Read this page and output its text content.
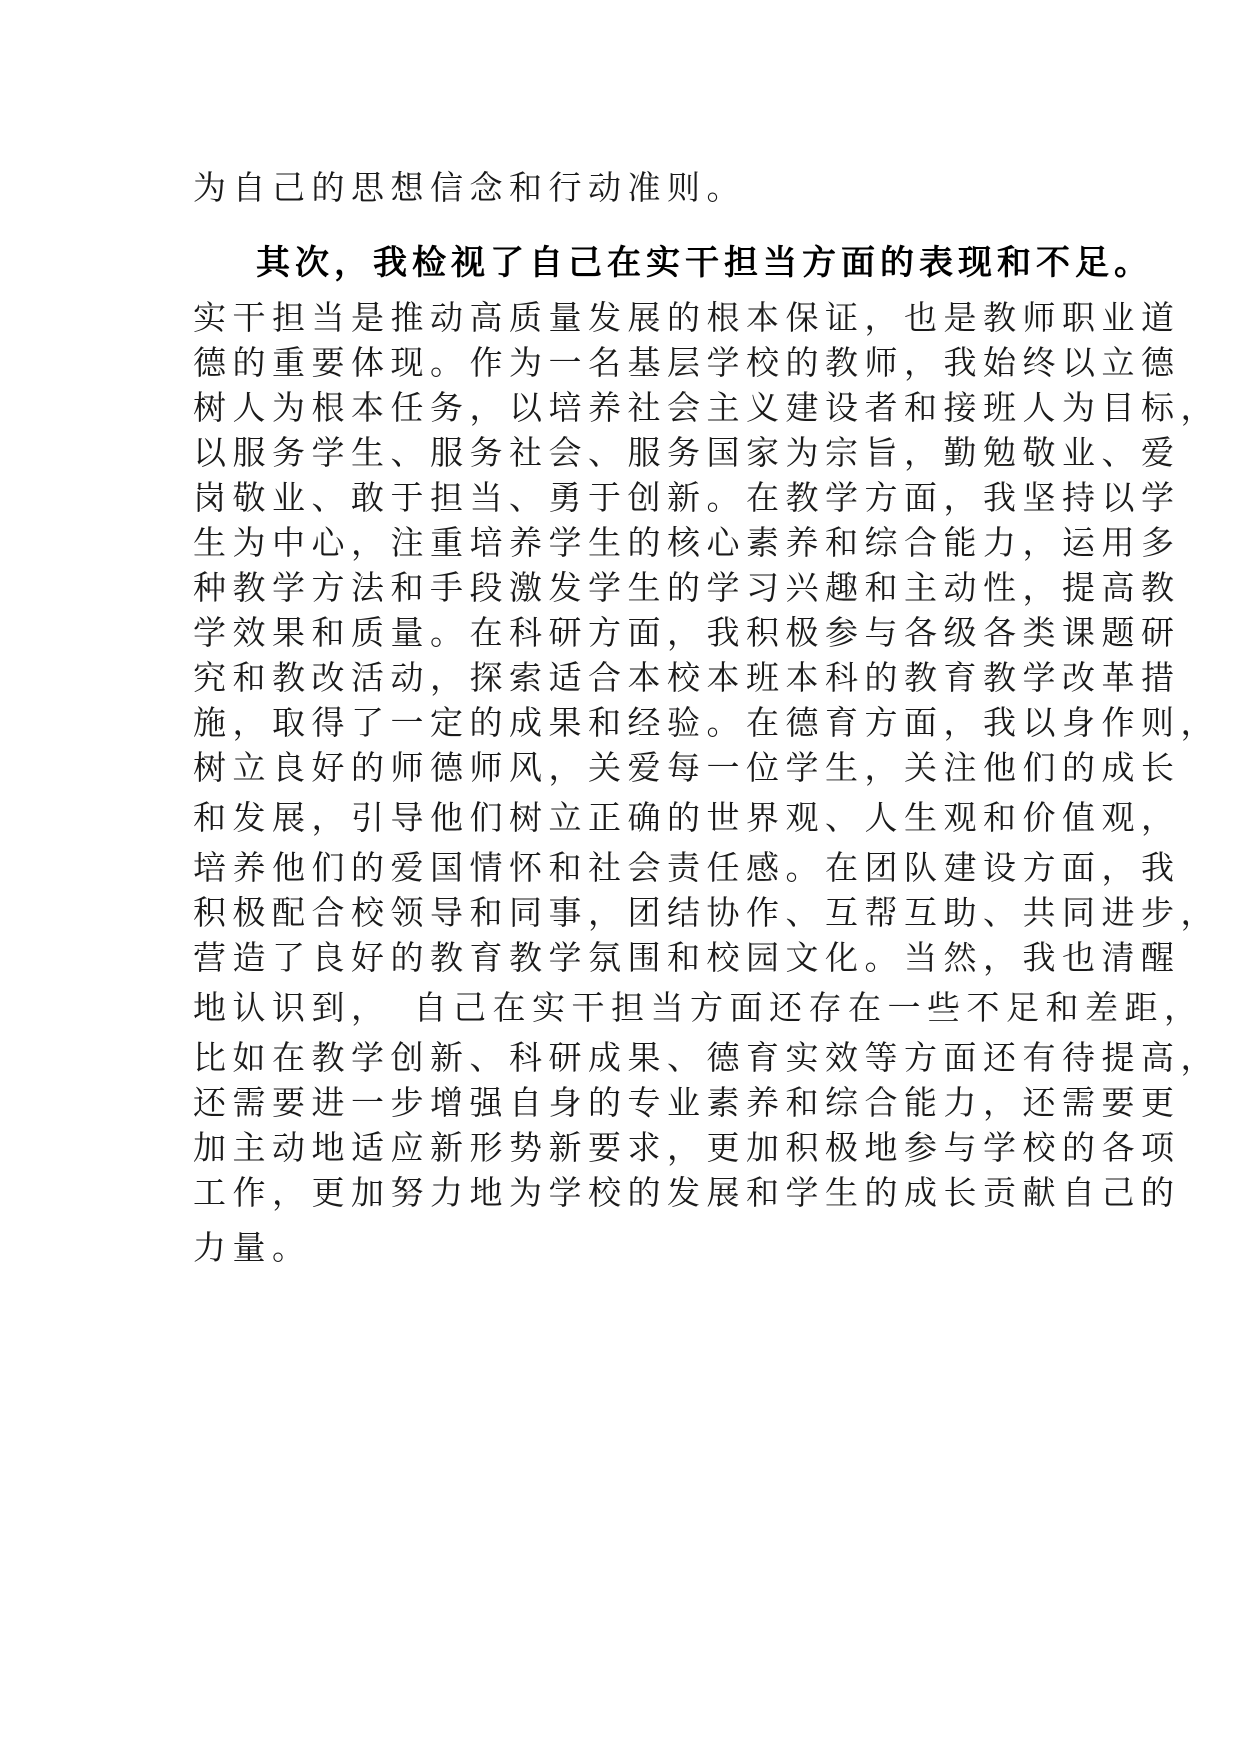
为自己的思想信念和行动准则。
其次，我检视了自己在实干担当方面的表现和不足。
实干担当是推动高质量发展的根本保证，也是教师职业道
德的重要体现。作为一名基层学校的教师，我始终以立德
树人为根本任务，以培养社会主义建设者和接班人为目标，
以服务学生、服务社会、服务国家为宗旨，勤勉敬业、爱
岗敬业、敢于担当、勇于创新。在教学方面，我坚持以学
生为中心，注重培养学生的核心素养和综合能力，运用多
种教学方法和手段激发学生的学习兴趣和主动性，提高教
学效果和质量。在科研方面，我积极参与各级各类课题研
究和教改活动，探索适合本校本班本科的教育教学改革措
施，取得了一定的成果和经验。在德育方面，我以身作则，
树立良好的师德师风，关爱每一位学生，关注他们的成长
和发展，引导他们树立正确的世界观、人生观和价值观，
培养他们的爱国情怀和社会责任感。在团队建设方面，我
积极配合校领导和同事，团结协作、互帮互助、共同进步，
营造了良好的教育教学氛围和校园文化。当然，我也清醒
地认识到，　自己在实干担当方面还存在一些不足和差距，
比如在教学创新、科研成果、德育实效等方面还有待提高，
还需要进一步增强自身的专业素养和综合能力，还需要更
加主动地适应新形势新要求，更加积极地参与学校的各项
工作，更加努力地为学校的发展和学生的成长贡献自己的
力量。
